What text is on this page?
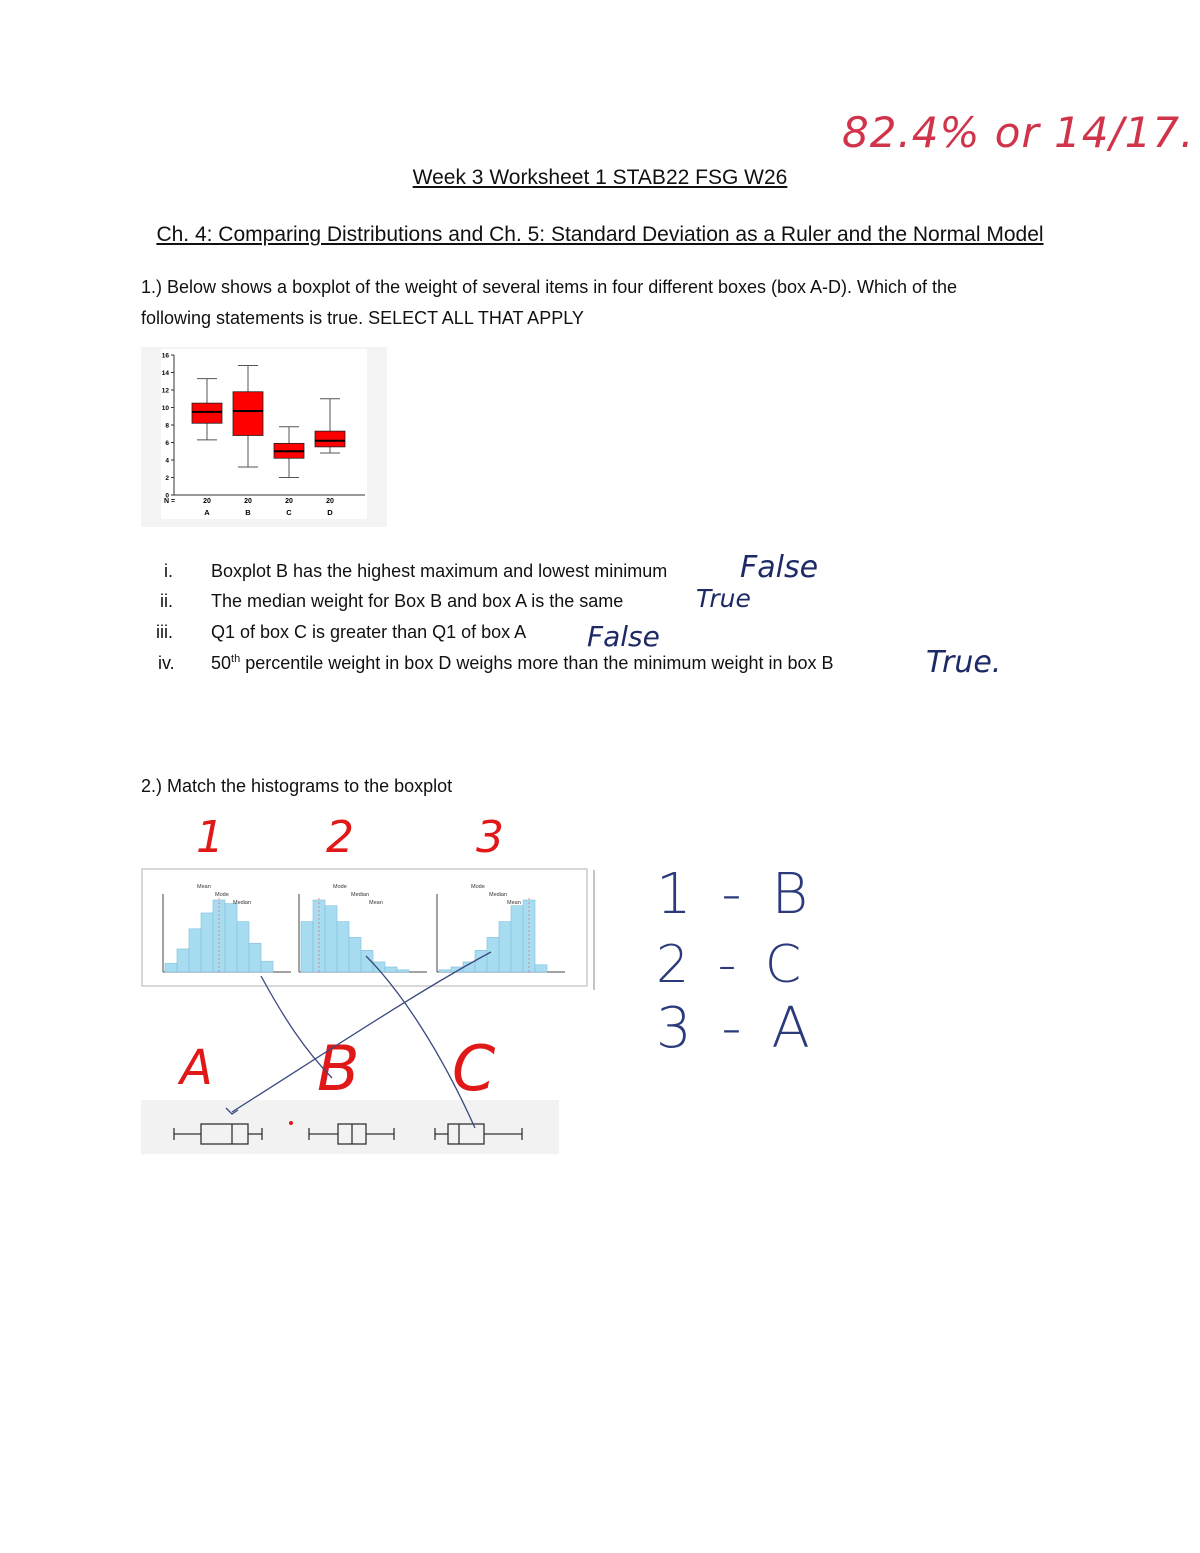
82.4% or 14/17.
Week 3 Worksheet 1 STAB22 FSG W26
Ch. 4: Comparing Distributions and Ch. 5: Standard Deviation as a Ruler and the Normal Model
1.) Below shows a boxplot of the weight of several items in four different boxes (box A-D). Which of the
following statements is true. SELECT ALL THAT APPLY
0
2
4
6
8
10
12
14
16
N =	20
A
20
B
20
C
20
D
i. Boxplot B has the highest maximum and lowest minimum False
ii. The median weight for Box B and box A is the same	True
iii. Q1 of box C is greater than Q1 of box A False
iv. 50th percentile weight in box D weighs more than the minimum weight in box B	True.
2.) Match the histograms to the boxplot
1 2	3
Mean
Mode
Median
Mode
Median
Mean
Mode
Median
Mean
A B C
1 - B
2 - C
3 - A
